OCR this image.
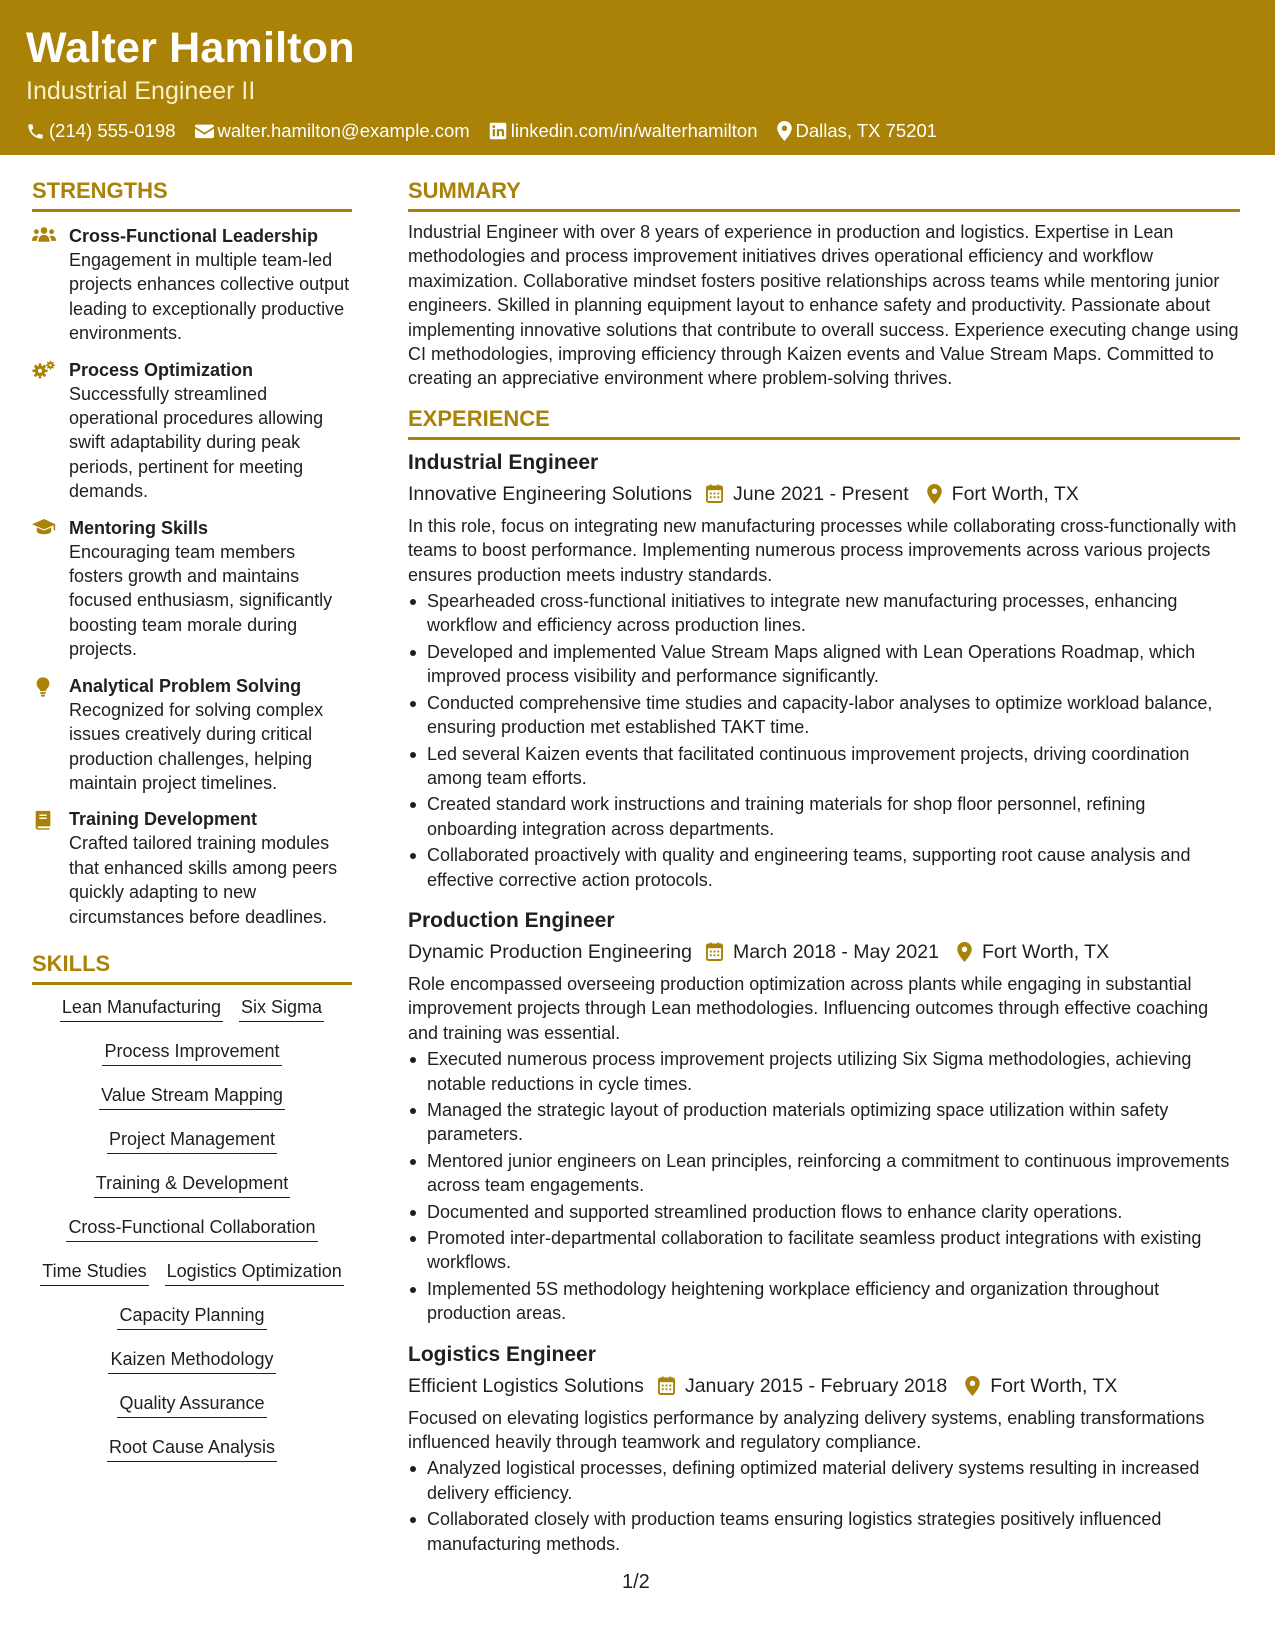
Walter Hamilton
Industrial Engineer II
(214) 555-0198 walter.hamilton@example.com linkedin.com/in/walterhamilton Dallas, TX 75201
STRENGTHS
Cross-Functional Leadership
Engagement in multiple team-led projects enhances collective output leading to exceptionally productive environments.
Process Optimization
Successfully streamlined operational procedures allowing swift adaptability during peak periods, pertinent for meeting demands.
Mentoring Skills
Encouraging team members fosters growth and maintains focused enthusiasm, significantly boosting team morale during projects.
Analytical Problem Solving
Recognized for solving complex issues creatively during critical production challenges, helping maintain project timelines.
Training Development
Crafted tailored training modules that enhanced skills among peers quickly adapting to new circumstances before deadlines.
SKILLS
Lean Manufacturing Six Sigma
Process Improvement
Value Stream Mapping
Project Management
Training & Development
Cross-Functional Collaboration
Time Studies Logistics Optimization
Capacity Planning
Kaizen Methodology
Quality Assurance
Root Cause Analysis
SUMMARY
Industrial Engineer with over 8 years of experience in production and logistics. Expertise in Lean methodologies and process improvement initiatives drives operational efficiency and workflow maximization. Collaborative mindset fosters positive relationships across teams while mentoring junior engineers. Skilled in planning equipment layout to enhance safety and productivity. Passionate about implementing innovative solutions that contribute to overall success. Experience executing change using CI methodologies, improving efficiency through Kaizen events and Value Stream Maps. Committed to creating an appreciative environment where problem-solving thrives.
EXPERIENCE
Industrial Engineer
Innovative Engineering Solutions June 2021 - Present Fort Worth, TX
In this role, focus on integrating new manufacturing processes while collaborating cross-functionally with teams to boost performance. Implementing numerous process improvements across various projects ensures production meets industry standards.
Spearheaded cross-functional initiatives to integrate new manufacturing processes, enhancing workflow and efficiency across production lines.
Developed and implemented Value Stream Maps aligned with Lean Operations Roadmap, which improved process visibility and performance significantly.
Conducted comprehensive time studies and capacity-labor analyses to optimize workload balance, ensuring production met established TAKT time.
Led several Kaizen events that facilitated continuous improvement projects, driving coordination among team efforts.
Created standard work instructions and training materials for shop floor personnel, refining onboarding integration across departments.
Collaborated proactively with quality and engineering teams, supporting root cause analysis and effective corrective action protocols.
Production Engineer
Dynamic Production Engineering March 2018 - May 2021 Fort Worth, TX
Role encompassed overseeing production optimization across plants while engaging in substantial improvement projects through Lean methodologies. Influencing outcomes through effective coaching and training was essential.
Executed numerous process improvement projects utilizing Six Sigma methodologies, achieving notable reductions in cycle times.
Managed the strategic layout of production materials optimizing space utilization within safety parameters.
Mentored junior engineers on Lean principles, reinforcing a commitment to continuous improvements across team engagements.
Documented and supported streamlined production flows to enhance clarity operations.
Promoted inter-departmental collaboration to facilitate seamless product integrations with existing workflows.
Implemented 5S methodology heightening workplace efficiency and organization throughout production areas.
Logistics Engineer
Efficient Logistics Solutions January 2015 - February 2018 Fort Worth, TX
Focused on elevating logistics performance by analyzing delivery systems, enabling transformations influenced heavily through teamwork and regulatory compliance.
Analyzed logistical processes, defining optimized material delivery systems resulting in increased delivery efficiency.
Collaborated closely with production teams ensuring logistics strategies positively influenced manufacturing methods.
1/2
